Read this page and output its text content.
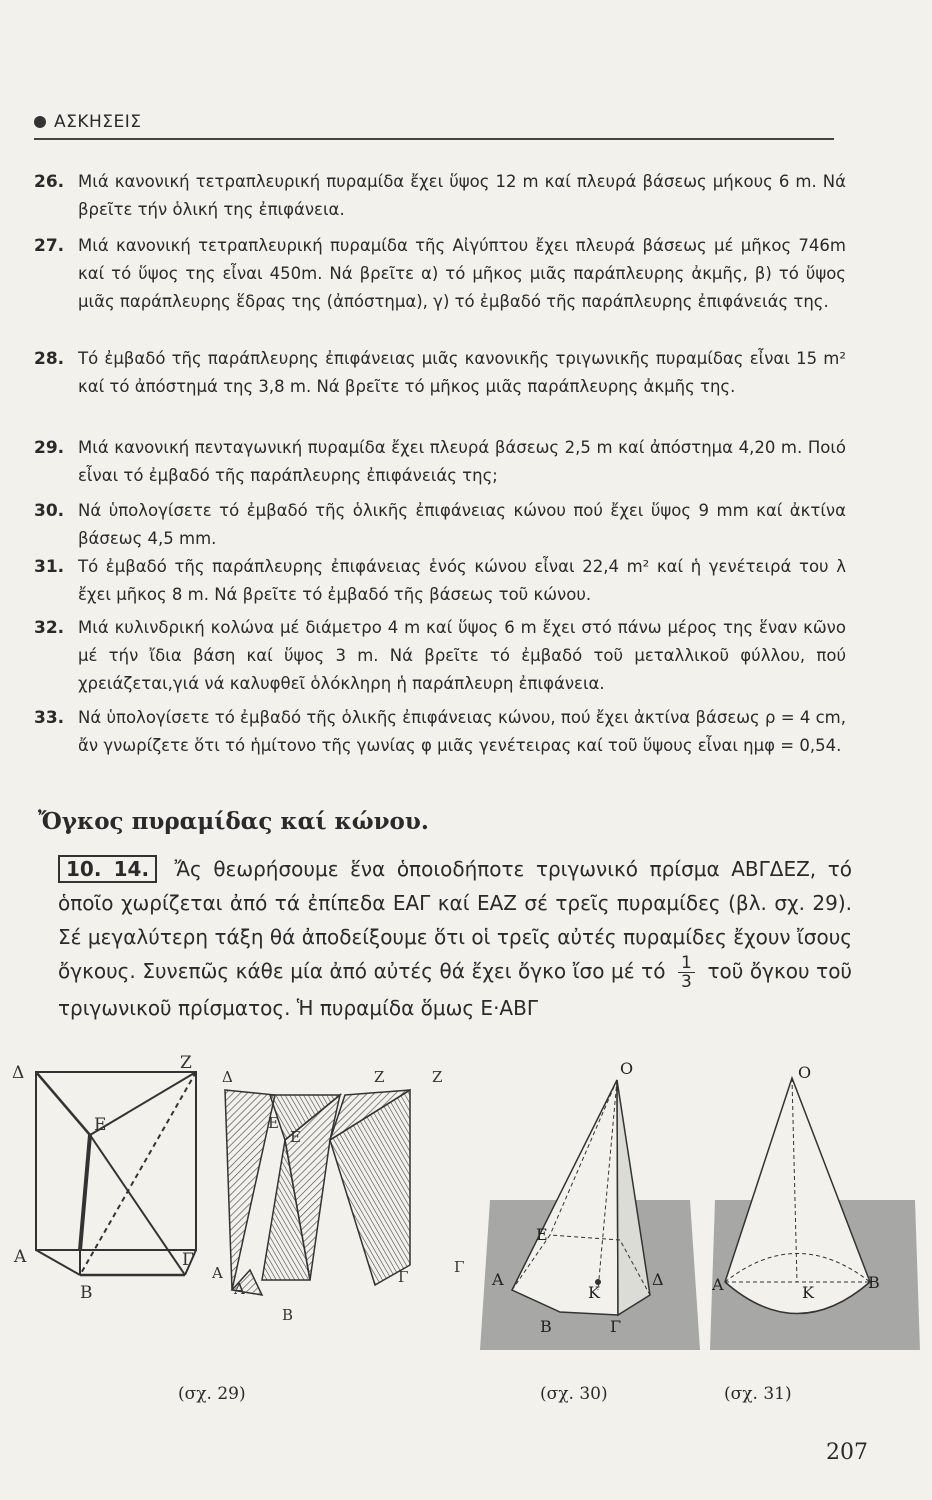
ΑΣΚΗΣΕΙΣ
26. Μιά κανονική τετραπλευρική πυραμίδα ἔχει ὕψος 12 m καί πλευρά βάσεως μήκους 6 m. Νά βρεῖτε τήν ὁλική της ἐπιφάνεια.
27. Μιά κανονική τετραπλευρική πυραμίδα τῆς Αἰγύπτου ἔχει πλευρά βάσεως μέ μῆκος 746m καί τό ὕψος της εἶναι 450m. Νά βρεῖτε α) τό μῆκος μιᾶς παράπλευρης ἀκμῆς, β) τό ὕψος μιᾶς παράπλευρης ἕδρας της (ἀπόστημα), γ) τό ἐμβαδό τῆς παράπλευρης ἐπιφάνειάς της.
28. Τό ἐμβαδό τῆς παράπλευρης ἐπιφάνειας μιᾶς κανονικῆς τριγωνικῆς πυραμίδας εἶναι 15 m² καί τό ἀπόστημά της 3,8 m. Νά βρεῖτε τό μῆκος μιᾶς παράπλευρης ἀκμῆς της.
29. Μιά κανονική πενταγωνική πυραμίδα ἔχει πλευρά βάσεως 2,5 m καί ἀπόστημα 4,20 m. Ποιό εἶναι τό ἐμβαδό τῆς παράπλευρης ἐπιφάνειάς της;
30. Νά ὑπολογίσετε τό ἐμβαδό τῆς ὁλικῆς ἐπιφάνειας κώνου πού ἔχει ὕψος 9 mm καί ἀκτίνα βάσεως 4,5 mm.
31. Τό ἐμβαδό τῆς παράπλευρης ἐπιφάνειας ἑνός κώνου εἶναι 22,4 m² καί ἡ γενέτειρά του λ ἔχει μῆκος 8 m. Νά βρεῖτε τό ἐμβαδό τῆς βάσεως τοῦ κώνου.
32. Μιά κυλινδρική κολώνα μέ διάμετρο 4 m καί ὕψος 6 m ἔχει στό πάνω μέρος της ἕναν κῶνο μέ τήν ἴδια βάση καί ὕψος 3 m. Νά βρεῖτε τό ἐμβαδό τοῦ μεταλλικοῦ φύλλου, πού χρειάζεται,γιά νά καλυφθεῖ ὁλόκληρη ἡ παράπλευρη ἐπιφάνεια.
33. Νά ὑπολογίσετε τό ἐμβαδό τῆς ὁλικῆς ἐπιφάνειας κώνου, πού ἔχει ἀκτίνα βάσεως ρ = 4 cm, ἄν γνωρίζετε ὅτι τό ἡμίτονο τῆς γωνίας φ μιᾶς γενέτειρας καί τοῦ ὕψους εἶναι ημφ = 0,54.
Ὄγκος πυραμίδας καί κώνου.
10. 14. Ἄς θεωρήσουμε ἕνα ὁποιοδήποτε τριγωνικό πρίσμα ΑΒΓΔΕΖ, τό ὁποῖο χωρίζεται ἀπό τά ἐπίπεδα ΕΑΓ καί ΕΑΖ σέ τρεῖς πυραμίδες (βλ. σχ. 29). Σέ μεγαλύτερη τάξη θά ἀποδείξουμε ὅτι οἱ τρεῖς αὐτές πυραμίδες ἔχουν ἴσους ὄγκους. Συνεπῶς κάθε μία ἀπό αὐτές θά ἔχει ὄγκο ἴσο μέ τό $\frac{1}{3}$ τοῦ ὄγκου τοῦ τριγωνικοῦ πρίσματος. Ἡ πυραμίδα ὅμως Ε·ΑΒΓ
Δ	Z
E
A	Γ
B
Δ	Z	Z
E
E
A
A
Γ
Γ
B
O
E
A	Δ
K
B	Γ
O
A	K
B
(σχ. 29)	(σχ. 30)	(σχ. 31)
207
